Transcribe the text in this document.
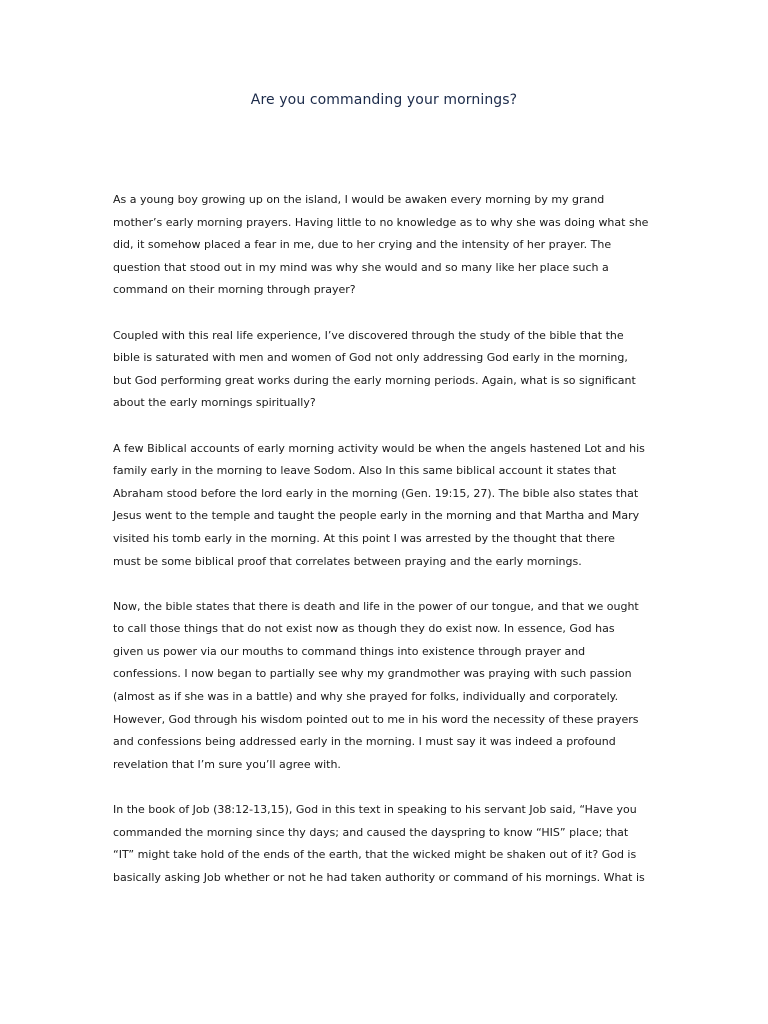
Are you commanding your mornings?

As a young boy growing up on the island, I would be awaken every morning by my grand
mother’s early morning prayers. Having little to no knowledge as to why she was doing what she
did, it somehow placed a fear in me, due to her crying and the intensity of her prayer. The
question that stood out in my mind was why she would and so many like her place such a
command on their morning through prayer?

Coupled with this real life experience, I’ve discovered through the study of the bible that the
bible is saturated with men and women of God not only addressing God early in the morning,
but God performing great works during the early morning periods. Again, what is so significant
about the early mornings spiritually?

A few Biblical accounts of early morning activity would be when the angels hastened Lot and his
family early in the morning to leave Sodom. Also In this same biblical account it states that
Abraham stood before the lord early in the morning (Gen. 19:15, 27). The bible also states that
Jesus went to the temple and taught the people early in the morning and that Martha and Mary
visited his tomb early in the morning. At this point I was arrested by the thought that there
must be some biblical proof that correlates between praying and the early mornings.

Now, the bible states that there is death and life in the power of our tongue, and that we ought
to call those things that do not exist now as though they do exist now. In essence, God has
given us power via our mouths to command things into existence through prayer and
confessions. I now began to partially see why my grandmother was praying with such passion
(almost as if she was in a battle) and why she prayed for folks, individually and corporately.
However, God through his wisdom pointed out to me in his word the necessity of these prayers
and confessions being addressed early in the morning. I must say it was indeed a profound
revelation that I’m sure you’ll agree with.

In the book of Job (38:12-13,15), God in this text in speaking to his servant Job said, “Have you
commanded the morning since thy days; and caused the dayspring to know “HIS” place; that
“IT” might take hold of the ends of the earth, that the wicked might be shaken out of it? God is
basically asking Job whether or not he had taken authority or command of his mornings. What is
